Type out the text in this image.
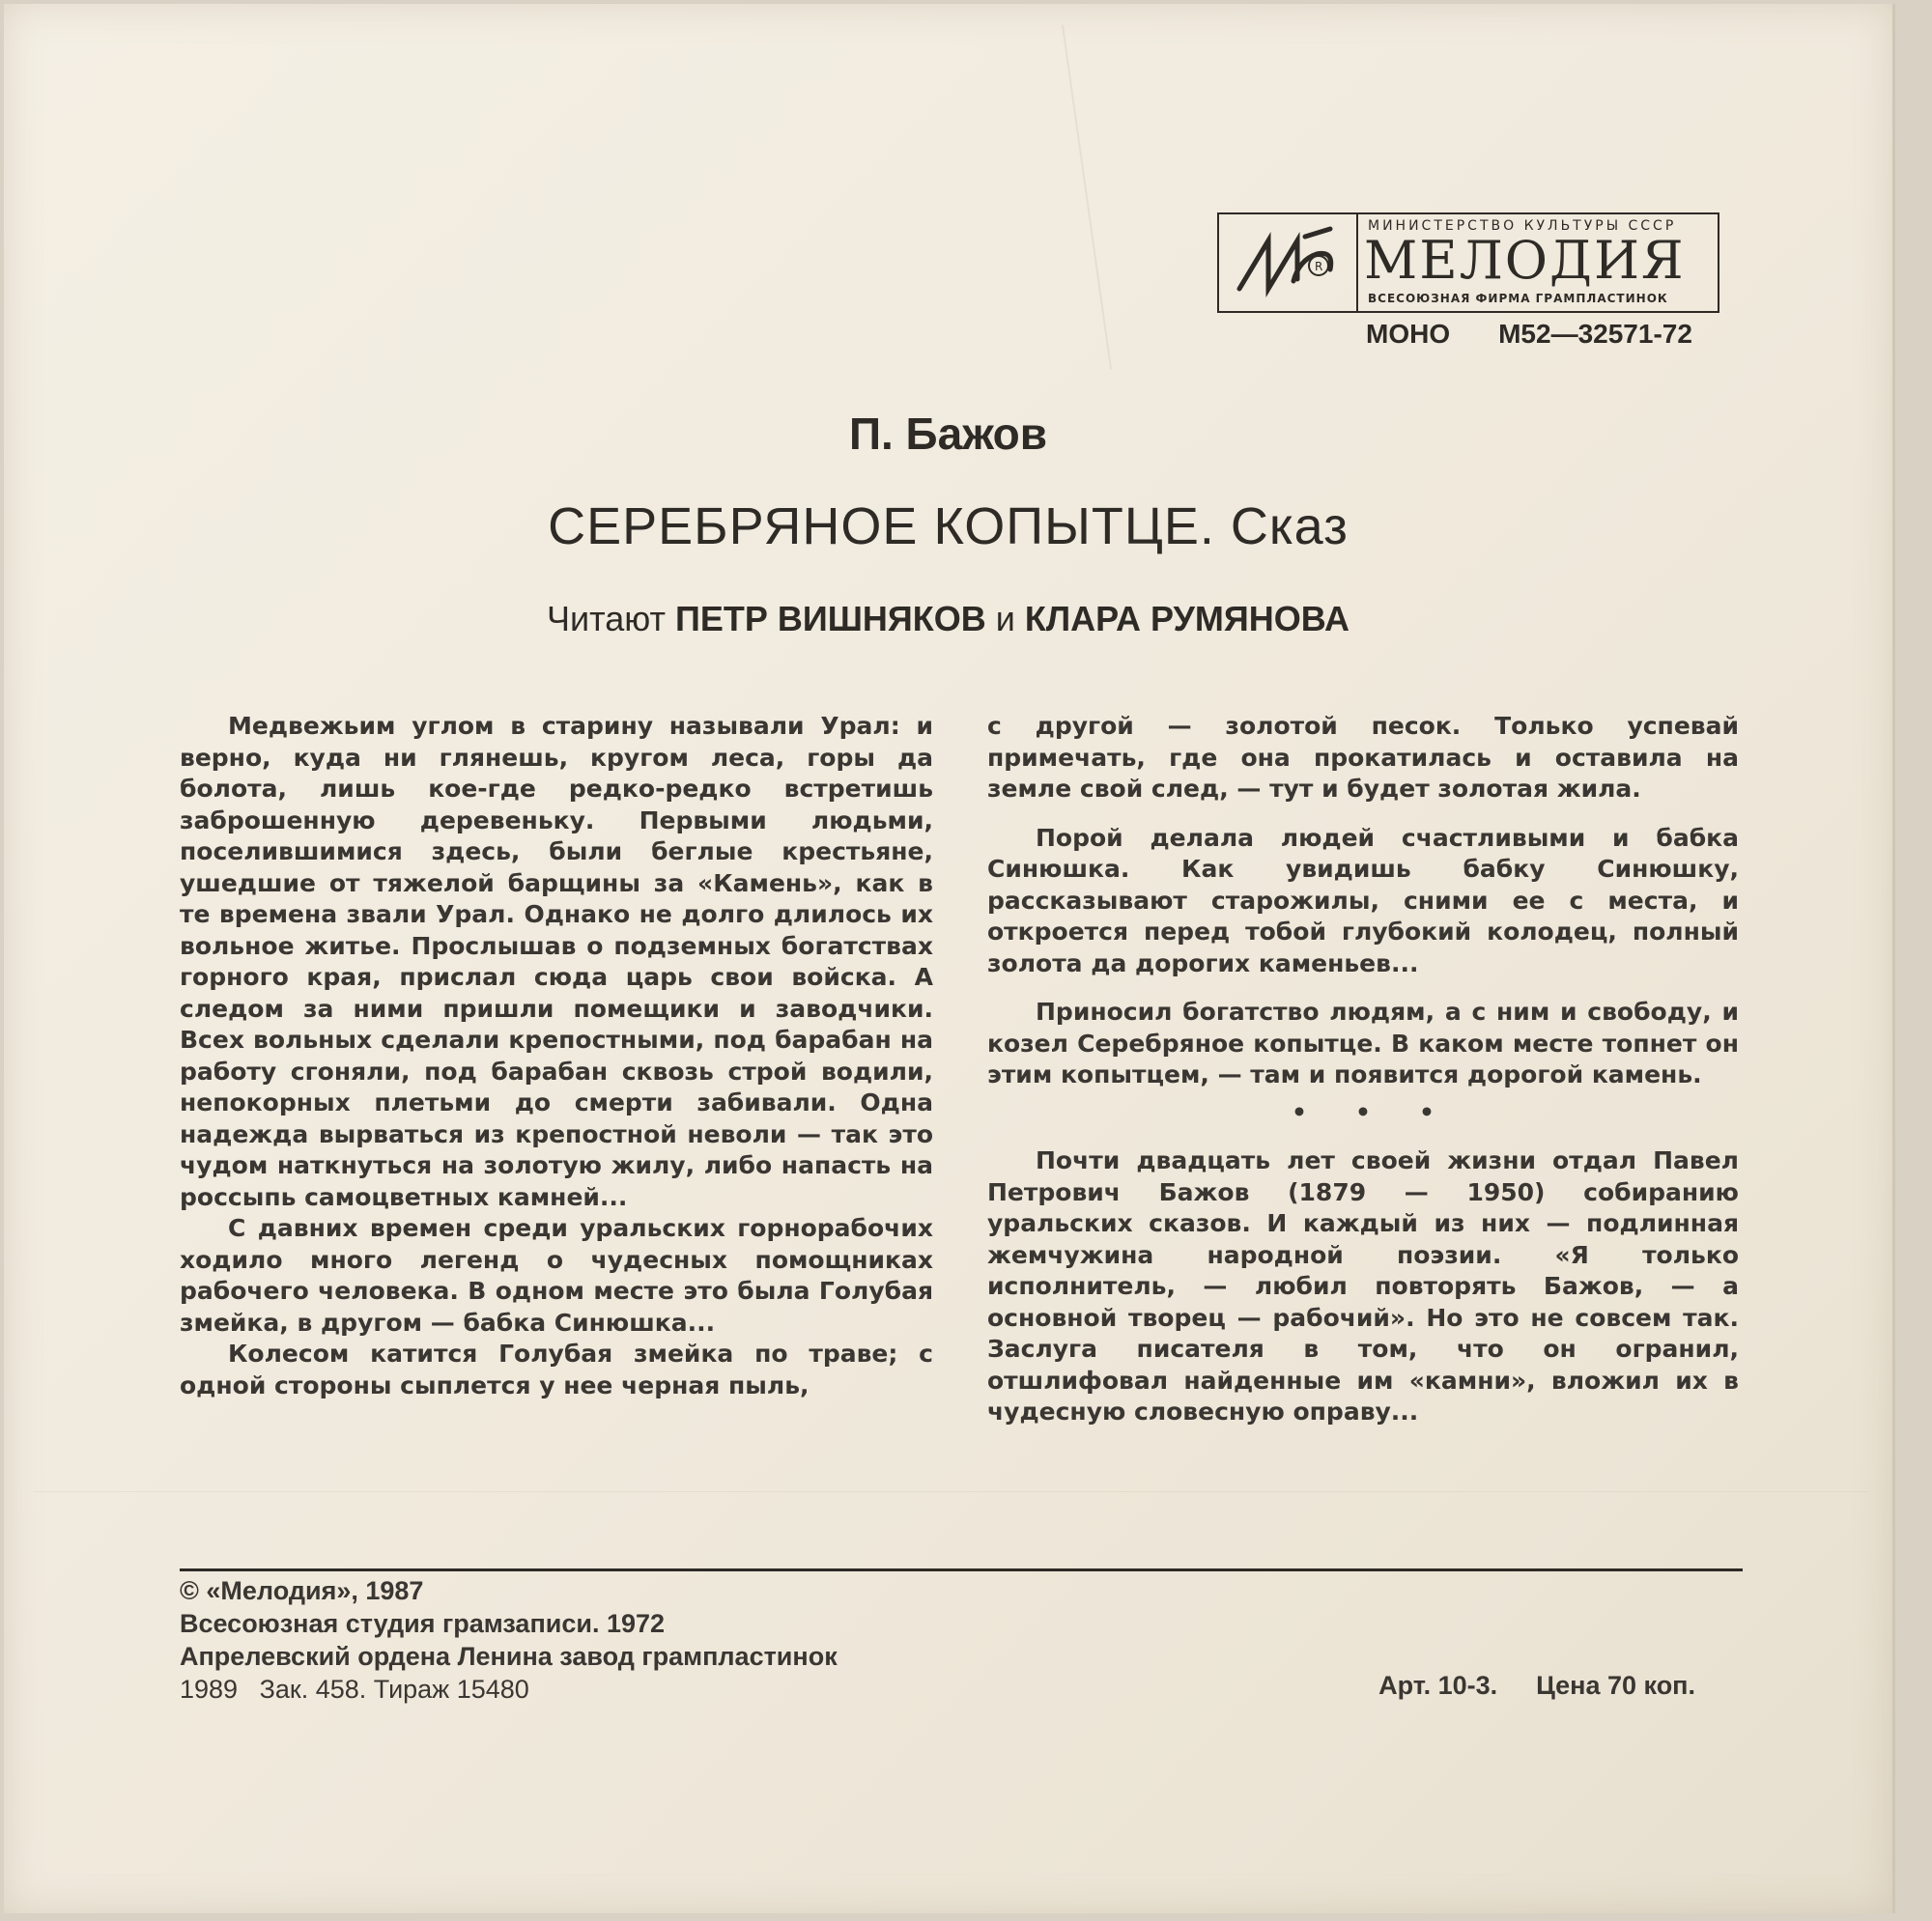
R
МИНИСТЕРСТВО КУЛЬТУРЫ СССР
МЕЛОДИЯ
ВСЕСОЮЗНАЯ ФИРМА ГРАМПЛАСТИНОК
МОНО М52—32571-72
П. Бажов
СЕРЕБРЯНОЕ КОПЫТЦЕ. Сказ
Читают ПЕТР ВИШНЯКОВ и КЛАРА РУМЯНОВА

Медвежьим углом в старину называли Урал: и верно, куда ни глянешь, кругом леса, горы да болота, лишь кое-где редко-редко встретишь заброшенную деревеньку. Первыми людьми, поселившимися здесь, были беглые крестьяне, ушедшие от тяжелой барщины за «Камень», как в те времена звали Урал. Однако не долго длилось их вольное житье. Прослышав о подземных богатствах горного края, прислал сюда царь свои войска. А следом за ними пришли помещики и заводчики. Всех вольных сделали крепостными, под барабан на работу сгоняли, под барабан сквозь строй водили, непокорных плетьми до смерти забивали. Одна надежда вырваться из крепостной неволи — так это чудом наткнуться на золотую жилу, либо напасть на россыпь самоцветных камней...

С давних времен среди уральских горнорабочих ходило много легенд о чудесных помощниках рабочего человека. В одном месте это была Голубая змейка, в другом — бабка Синюшка...

Колесом катится Голубая змейка по траве; с одной стороны сыплется у нее черная пыль,

с другой — золотой песок. Только успевай примечать, где она прокатилась и оставила на земле свой след, — тут и будет золотая жила.

Порой делала людей счастливыми и бабка Синюшка. Как увидишь бабку Синюшку, рассказывают старожилы, сними ее с места, и откроется перед тобой глубокий колодец, полный золота да дорогих каменьев...

Приносил богатство людям, а с ним и свободу, и козел Серебряное копытце. В каком месте топнет он этим копытцем, — там и появится дорогой камень.

•••

Почти двадцать лет своей жизни отдал Павел Петрович Бажов (1879 — 1950) собиранию уральских сказов. И каждый из них — подлинная жемчужина народной поэзии. «Я только исполнитель, — любил повторять Бажов, — а основной творец — рабочий». Но это не совсем так. Заслуга писателя в том, что он огранил, отшлифовал найденные им «камни», вложил их в чудесную словесную оправу...

© «Мелодия», 1987
Всесоюзная студия грамзаписи. 1972
Апрелевский ордена Ленина завод грампластинок
1989   Зак. 458. Тираж 15480	Арт. 10-3. Цена 70 коп.
